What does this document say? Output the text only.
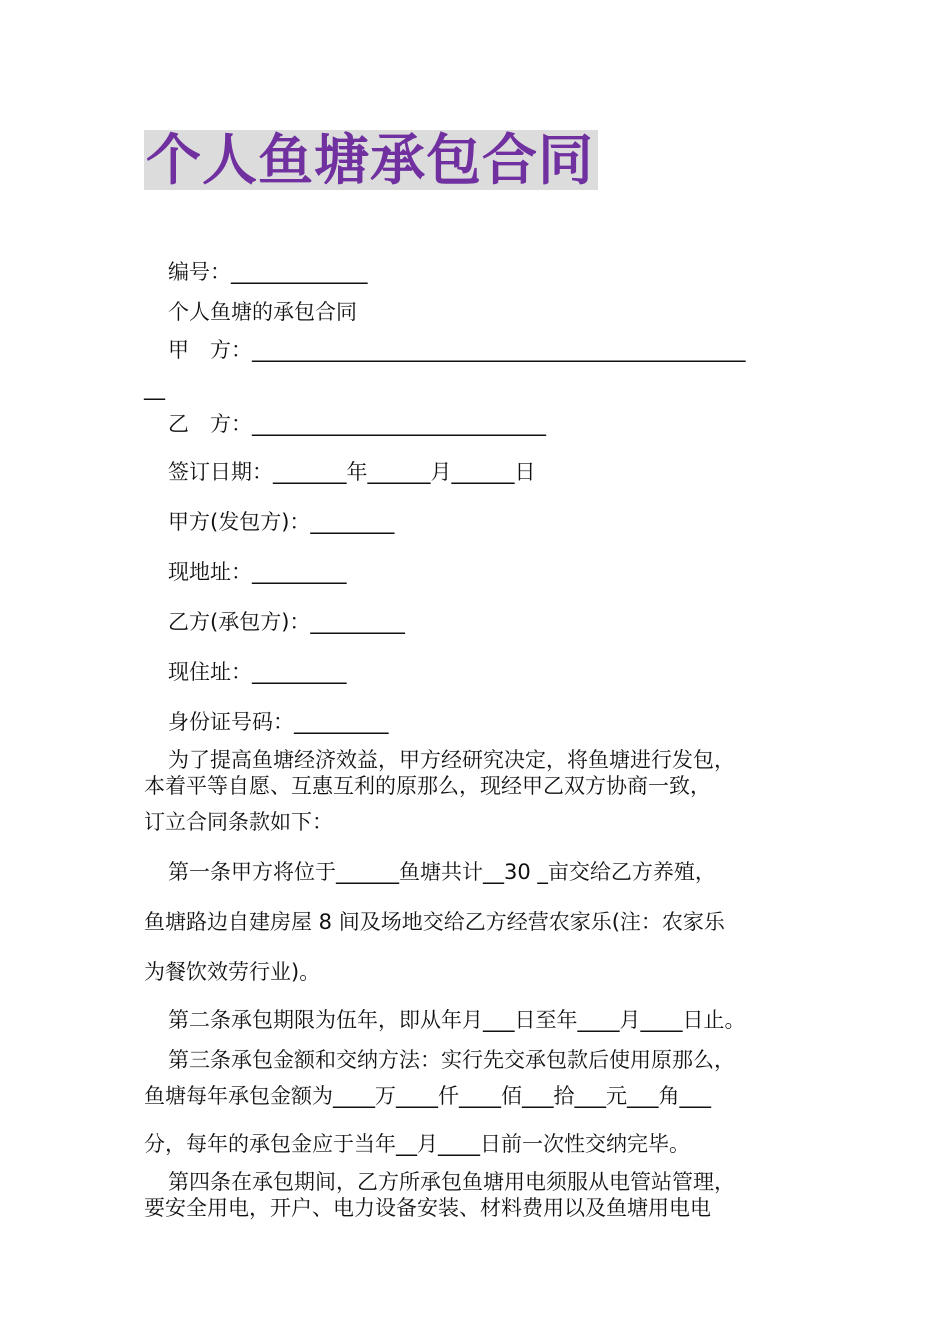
个人鱼塘承包合同
编号：_____________
个人鱼塘的承包合同
甲　方：_______________________________________________
__
乙　方：____________________________
签订日期：_______年______月______日
甲方(发包方)：________
现地址：_________
乙方(承包方)：_________
现住址：_________
身份证号码：_________
为了提高鱼塘经济效益，甲方经研究决定，将鱼塘进行发包，
本着平等自愿、互惠互利的原那么，现经甲乙双方协商一致，
订立合同条款如下：
第一条甲方将位于______鱼塘共计__30 _亩交给乙方养殖，
鱼塘路边自建房屋 8 间及场地交给乙方经营农家乐(注：农家乐
为餐饮效劳行业)。
第二条承包期限为伍年，即从年月___日至年____月____日止。
第三条承包金额和交纳方法：实行先交承包款后使用原那么，
鱼塘每年承包金额为____万____仟____佰___拾___元___角___
分，每年的承包金应于当年__月____日前一次性交纳完毕。
第四条在承包期间，乙方所承包鱼塘用电须服从电管站管理，
要安全用电，开户、电力设备安装、材料费用以及鱼塘用电电
